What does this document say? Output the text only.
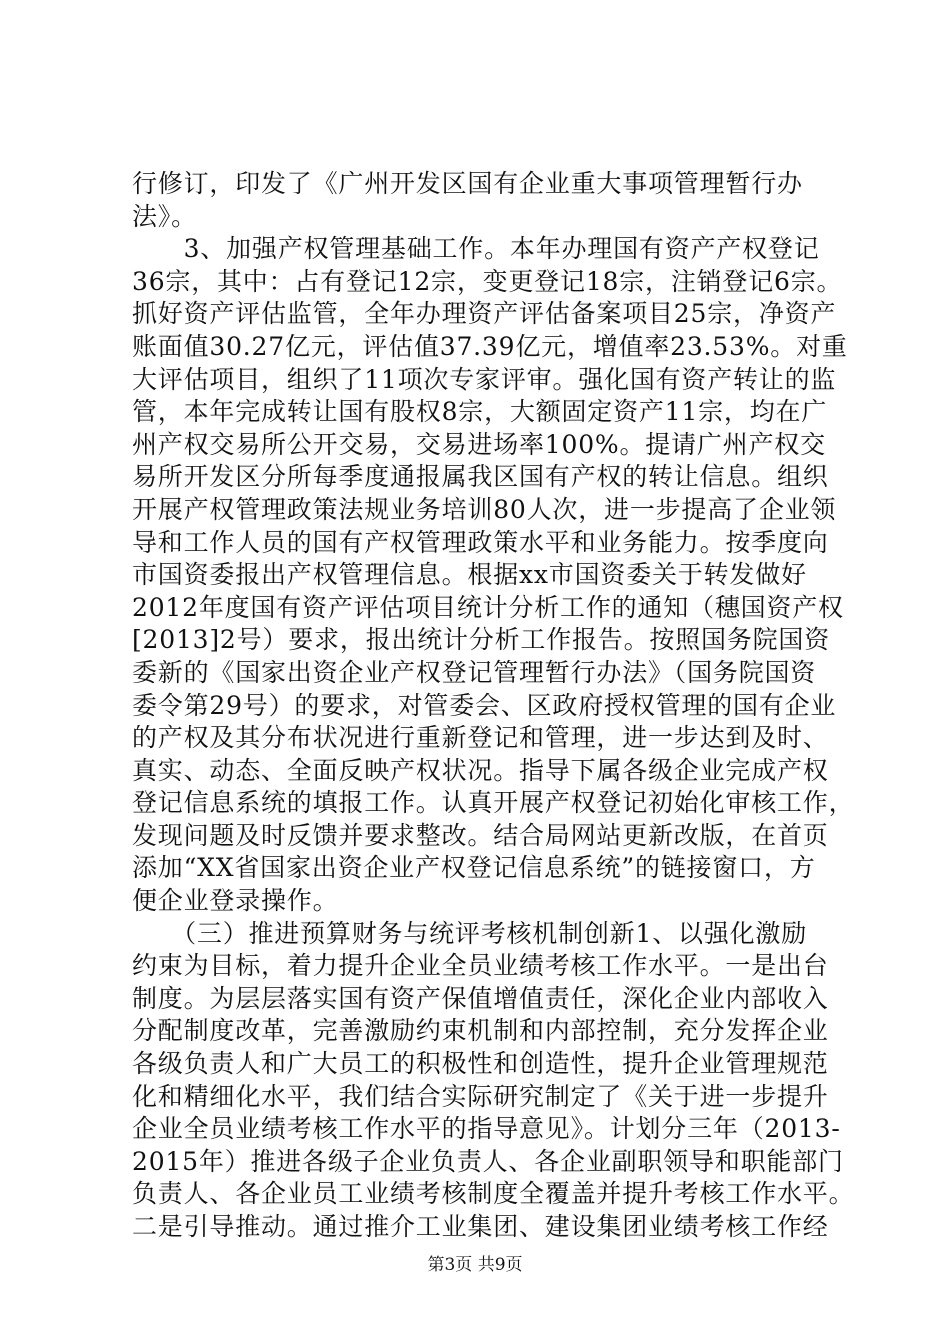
行修订，印发了《广州开发区国有企业重大事项管理暂行办
法》。
　　3、加强产权管理基础工作。本年办理国有资产产权登记
36宗，其中：占有登记12宗，变更登记18宗，注销登记6宗。
抓好资产评估监管，全年办理资产评估备案项目25宗，净资产
账面值30.27亿元，评估值37.39亿元，增值率23.53%。对重
大评估项目，组织了11项次专家评审。强化国有资产转让的监
管，本年完成转让国有股权8宗，大额固定资产11宗，均在广
州产权交易所公开交易，交易进场率100%。提请广州产权交
易所开发区分所每季度通报属我区国有产权的转让信息。组织
开展产权管理政策法规业务培训80人次，进一步提高了企业领
导和工作人员的国有产权管理政策水平和业务能力。按季度向
市国资委报出产权管理信息。根据xx市国资委关于转发做好
2012年度国有资产评估项目统计分析工作的通知（穗国资产权
[2013]2号）要求，报出统计分析工作报告。按照国务院国资
委新的《国家出资企业产权登记管理暂行办法》（国务院国资
委令第29号）的要求，对管委会、区政府授权管理的国有企业
的产权及其分布状况进行重新登记和管理，进一步达到及时、
真实、动态、全面反映产权状况。指导下属各级企业完成产权
登记信息系统的填报工作。认真开展产权登记初始化审核工作，
发现问题及时反馈并要求整改。结合局网站更新改版，在首页
添加“XX省国家出资企业产权登记信息系统”的链接窗口，方
便企业登录操作。
　　（三）推进预算财务与统评考核机制创新1、以强化激励
约束为目标，着力提升企业全员业绩考核工作水平。一是出台
制度。为层层落实国有资产保值增值责任，深化企业内部收入
分配制度改革，完善激励约束机制和内部控制，充分发挥企业
各级负责人和广大员工的积极性和创造性，提升企业管理规范
化和精细化水平，我们结合实际研究制定了《关于进一步提升
企业全员业绩考核工作水平的指导意见》。计划分三年（2013-
2015年）推进各级子企业负责人、各企业副职领导和职能部门
负责人、各企业员工业绩考核制度全覆盖并提升考核工作水平。
二是引导推动。通过推介工业集团、建设集团业绩考核工作经
第3页 共9页
